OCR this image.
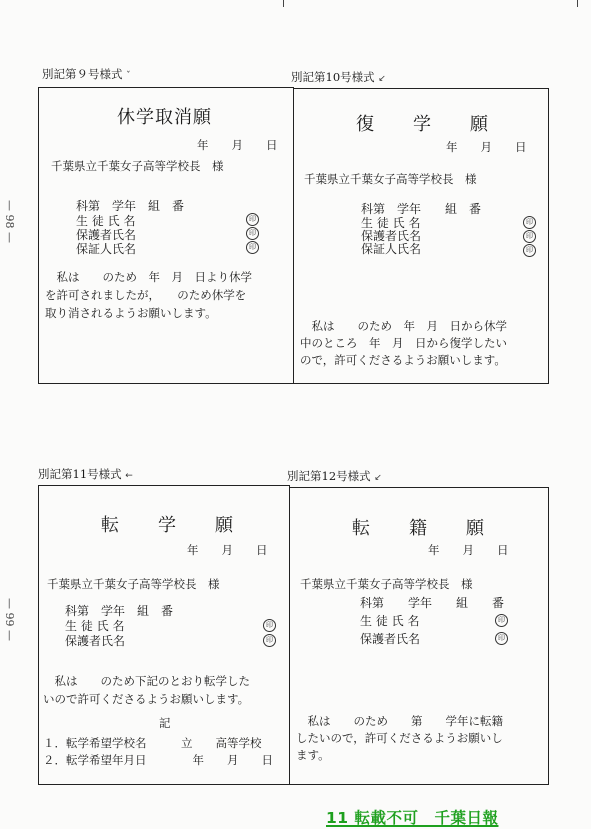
— 98 —
— 99 —
別記第９号様式 ˇ
休学取消願
年　　月　　日
千葉県立千葉女子高等学校長　様
科第　学年　組　番
生 徒 氏 名
印
保護者氏名
印
保証人氏名
印
　私は　　のため　年　月　日より休学
を許可されましたが，　　のため休学を
取り消されるようお願いします。
別記第10号様式 ↙
復　　学　　願
年　　月　　日
千葉県立千葉女子高等学校長　様
科第　学年　　組　番
生 徒 氏 名
印
保護者氏名
印
保証人氏名
印
　私は　　のため　年　月　日から休学
中のところ　年　月　日から復学したい
ので，許可くださるようお願いします。
別記第11号様式 ←
転　　学　　願
年　　月　　日
千葉県立千葉女子高等学校長　様
科第　学年　組　番
生 徒 氏 名
印
保護者氏名
印
　私は　　のため下記のとおり転学した
いので許可くださるようお願いします。
記
１．転学希望学校名　　　立　　高等学校
２．転学希望年月日　　　　年　　月　　日
別記第12号様式 ↙
転　　籍　　願
年　　月　　日
千葉県立千葉女子高等学校長　様
科第　　学年　　組　　番
生 徒 氏 名
印
保護者氏名
印
　私は　　のため　　第　　学年に転籍
したいので，許可くださるようお願いし
ます。
11 転載不可　千葉日報
